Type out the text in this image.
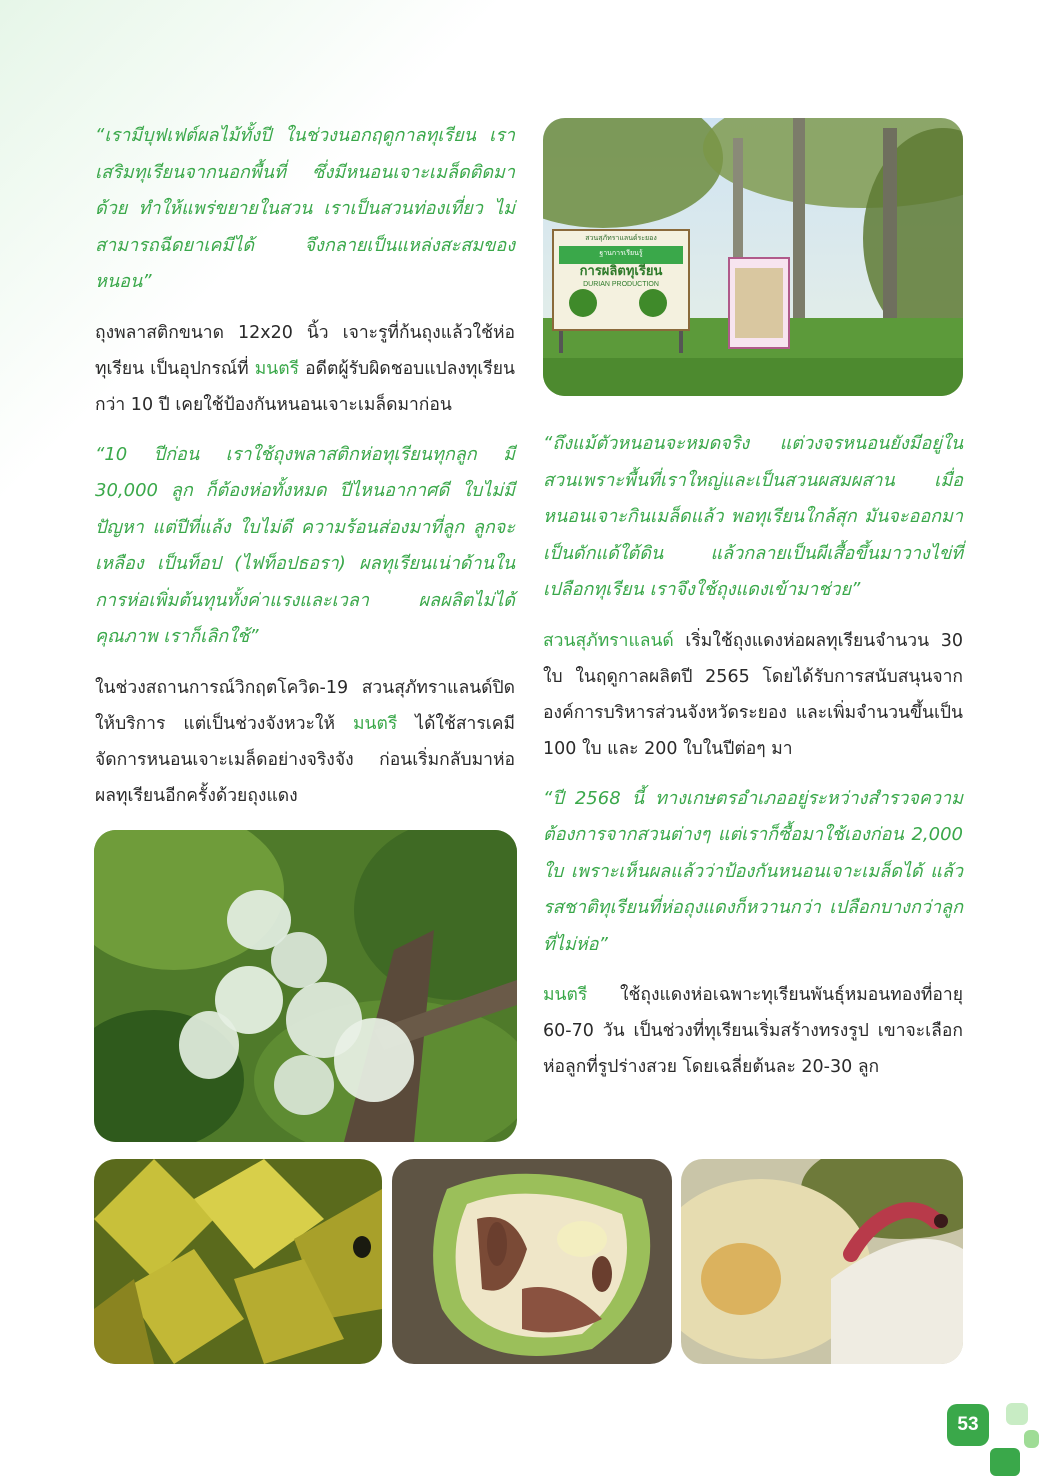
“เรามีบุฟเฟต์ผลไม้ทั้งปี ในช่วงนอกฤดูกาลทุเรียน เราเสริมทุเรียนจากนอกพื้นที่ ซึ่งมีหนอนเจาะเมล็ดติดมาด้วย ทำให้แพร่ขยายในสวน เราเป็นสวนท่องเที่ยว ไม่สามารถฉีดยาเคมีได้ จึงกลายเป็นแหล่งสะสมของหนอน”

ถุงพลาสติกขนาด 12x20 นิ้ว เจาะรูที่ก้นถุงแล้วใช้ห่อทุเรียน เป็นอุปกรณ์ที่ มนตรี อดีตผู้รับผิดชอบแปลงทุเรียนกว่า 10 ปี เคยใช้ป้องกันหนอนเจาะเมล็ดมาก่อน

“10 ปีก่อน เราใช้ถุงพลาสติกห่อทุเรียนทุกลูก มี 30,000 ลูก ก็ต้องห่อทั้งหมด ปีไหนอากาศดี ใบไม่มีปัญหา แต่ปีที่แล้ง ใบไม่ดี ความร้อนส่องมาที่ลูก ลูกจะเหลือง เป็นท็อป (ไฟท็อปธอรา) ผลทุเรียนเน่าด้านใน การห่อเพิ่มต้นทุนทั้งค่าแรงและเวลา ผลผลิตไม่ได้คุณภาพ เราก็เลิกใช้”

ในช่วงสถานการณ์วิกฤตโควิด-19 สวนสุภัทราแลนด์ปิดให้บริการ แต่เป็นช่วงจังหวะให้ มนตรี ได้ใช้สารเคมีจัดการหนอนเจาะเมล็ดอย่างจริงจัง ก่อนเริ่มกลับมาห่อผลทุเรียนอีกครั้งด้วยถุงแดง

“ถึงแม้ตัวหนอนจะหมดจริง แต่วงจรหนอนยังมีอยู่ในสวนเพราะพื้นที่เราใหญ่และเป็นสวนผสมผสาน เมื่อหนอนเจาะกินเมล็ดแล้ว พอทุเรียนใกล้สุก มันจะออกมาเป็นดักแด้ใต้ดิน แล้วกลายเป็นผีเสื้อขึ้นมาวางไข่ที่เปลือกทุเรียน เราจึงใช้ถุงแดงเข้ามาช่วย”

สวนสุภัทราแลนด์ เริ่มใช้ถุงแดงห่อผลทุเรียนจำนวน 30 ใบ ในฤดูกาลผลิตปี 2565 โดยได้รับการสนับสนุนจากองค์การบริหารส่วนจังหวัดระยอง และเพิ่มจำนวนขึ้นเป็น 100 ใบ และ 200 ใบในปีต่อๆ มา

“ปี 2568 นี้ ทางเกษตรอำเภออยู่ระหว่างสำรวจความต้องการจากสวนต่างๆ แต่เราก็ซื้อมาใช้เองก่อน 2,000 ใบ เพราะเห็นผลแล้วว่าป้องกันหนอนเจาะเมล็ดได้ แล้วรสชาติทุเรียนที่ห่อถุงแดงก็หวานกว่า เปลือกบางกว่าลูกที่ไม่ห่อ”

มนตรี ใช้ถุงแดงห่อเฉพาะทุเรียนพันธุ์หมอนทองที่อายุ 60-70 วัน เป็นช่วงที่ทุเรียนเริ่มสร้างทรงรูป เขาจะเลือกห่อลูกที่รูปร่างสวย โดยเฉลี่ยต้นละ 20-30 ลูก

สวนสุภัทราแลนด์ระยอง
ฐานการเรียนรู้
การผลิตทุเรียน
DURIAN PRODUCTION
53
